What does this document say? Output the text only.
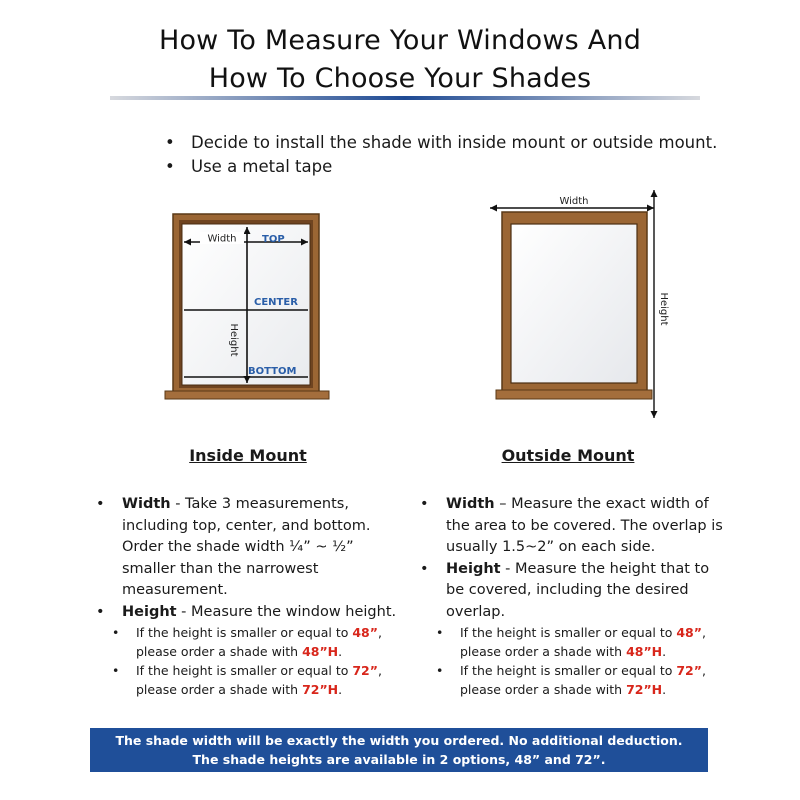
How To Measure Your Windows And
How To Choose Your Shades
• Decide to install the shade with inside mount or outside mount.
• Use a metal tape
Width	TOP
CENTER
BOTTOM
Height
Width
Height
Inside Mount	Outside Mount
• Width - Take 3 measurements, including top, center, and bottom. Order the shade width ¼” ~ ½” smaller than the narrowest measurement.
• Height - Measure the window height.
• If the height is smaller or equal to 48”, please order a shade with 48”H.
• If the height is smaller or equal to 72”, please order a shade with 72”H.
• Width – Measure the exact width of the area to be covered. The overlap is usually 1.5~2” on each side.
• Height - Measure the height that to be covered, including the desired overlap.
• If the height is smaller or equal to 48”, please order a shade with 48”H.
• If the height is smaller or equal to 72”, please order a shade with 72”H.
The shade width will be exactly the width you ordered. No additional deduction.
The shade heights are available in 2 options, 48” and 72”.
